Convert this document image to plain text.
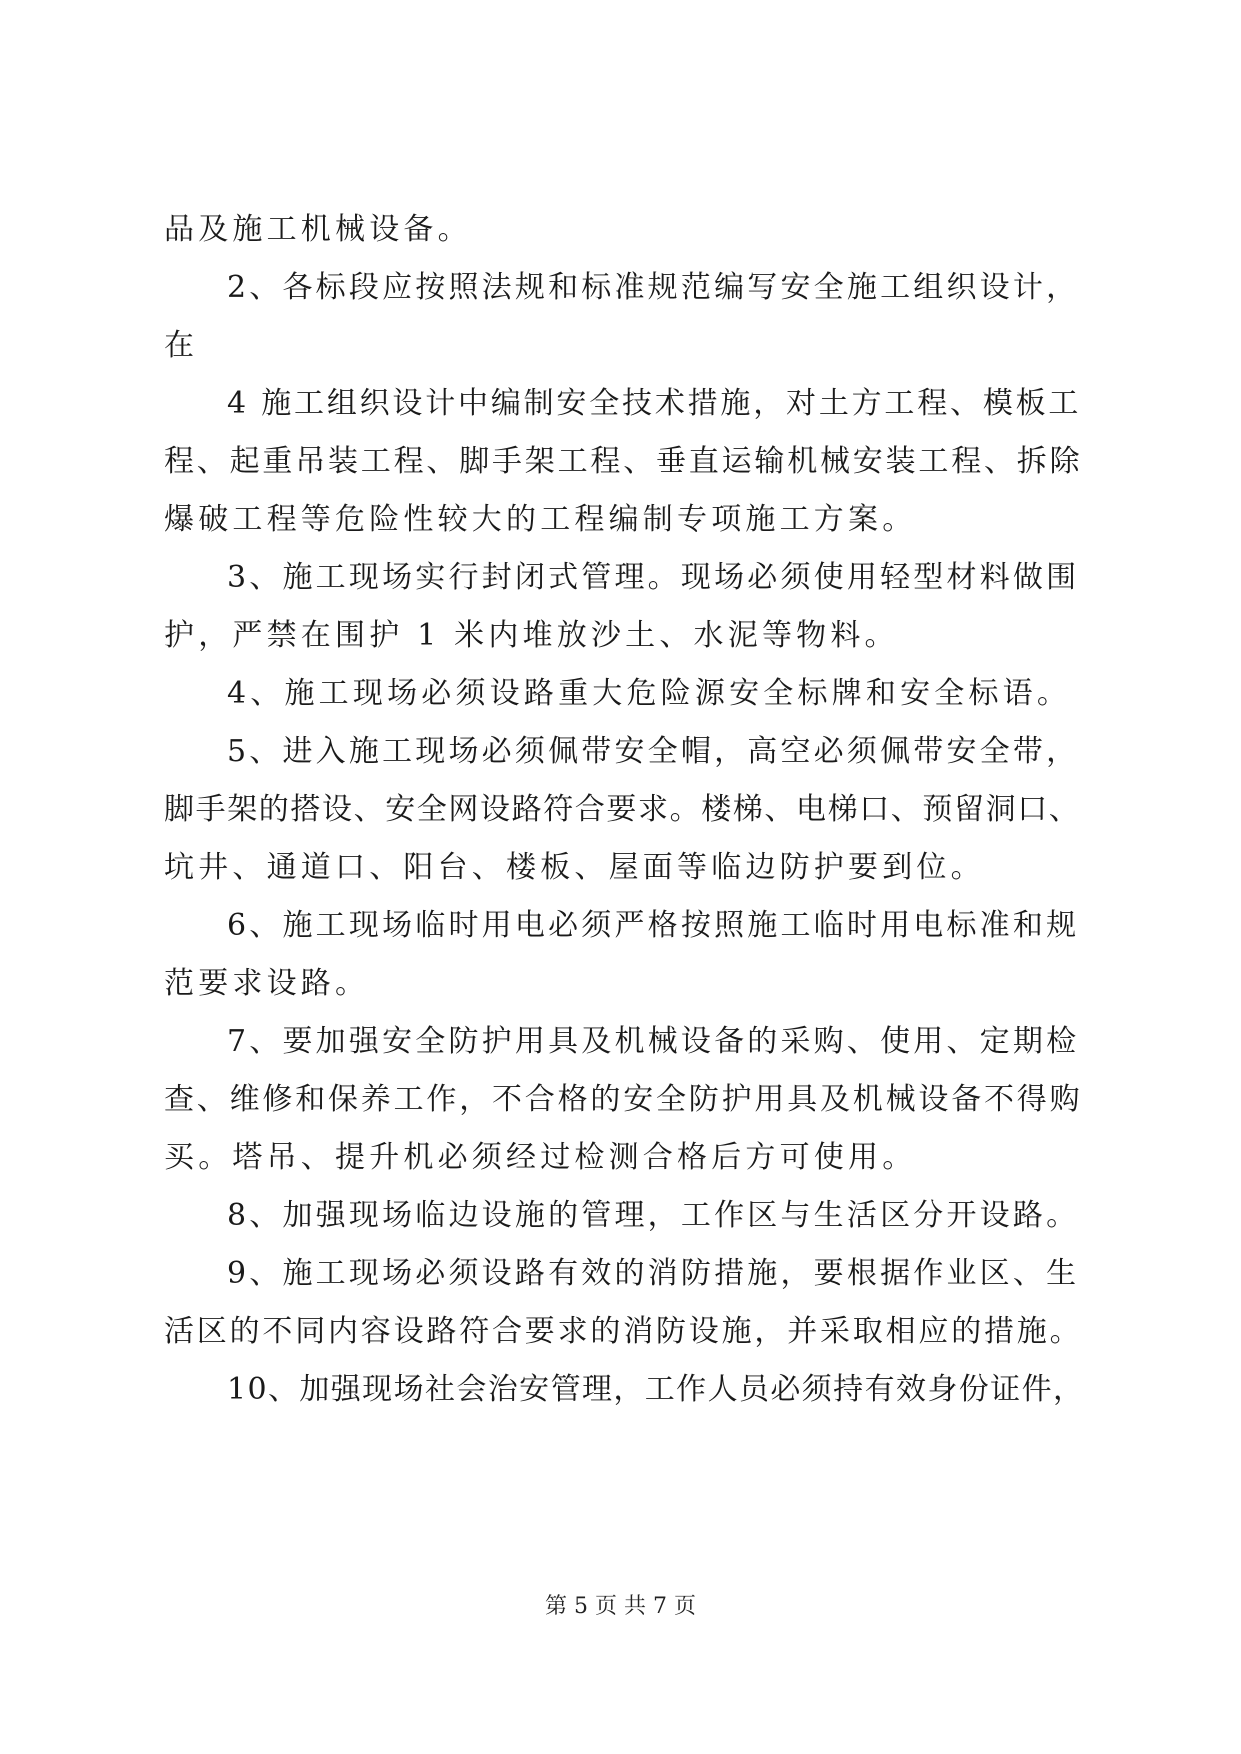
品及施工机械设备。
2、各标段应按照法规和标准规范编写安全施工组织设计，
在
4 施工组织设计中编制安全技术措施，对土方工程、模板工
程、起重吊装工程、脚手架工程、垂直运输机械安装工程、拆除
爆破工程等危险性较大的工程编制专项施工方案。
3、施工现场实行封闭式管理。现场必须使用轻型材料做围
护，严禁在围护 1 米内堆放沙土、水泥等物料。
4、施工现场必须设路重大危险源安全标牌和安全标语。
5、进入施工现场必须佩带安全帽，高空必须佩带安全带，
脚手架的搭设、安全网设路符合要求。楼梯、电梯口、预留洞口、
坑井、通道口、阳台、楼板、屋面等临边防护要到位。
6、施工现场临时用电必须严格按照施工临时用电标准和规
范要求设路。
7、要加强安全防护用具及机械设备的采购、使用、定期检
查、维修和保养工作，不合格的安全防护用具及机械设备不得购
买。塔吊、提升机必须经过检测合格后方可使用。
8、加强现场临边设施的管理，工作区与生活区分开设路。
9、施工现场必须设路有效的消防措施，要根据作业区、生
活区的不同内容设路符合要求的消防设施，并采取相应的措施。
10、加强现场社会治安管理，工作人员必须持有效身份证件，
第 5 页 共 7 页
